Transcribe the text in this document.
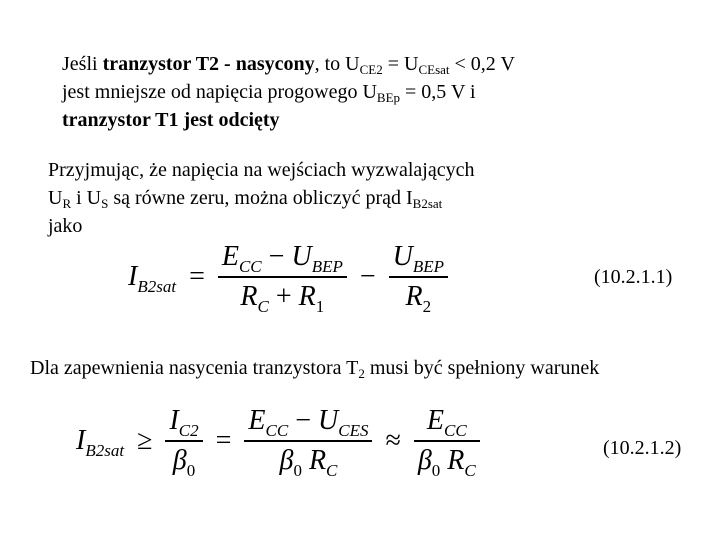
Jeśli tranzystor T2 - nasycony, to $U_{CE2} = U_{CEsat} < 0,2$ V
jest mniejsze od napięcia progowego $U_{BEp} = 0,5$ V i
tranzystor T1 jest odcięty
Przyjmując, że napięcia na wejściach wyzwalających
$U_R$ i $U_S$ są równe zeru, można obliczyć prąd $I_{B2sat}$
jako
$I_{B2sat} = \frac{E_{CC} - U_{BEP}}{R_C + R_1} - \frac{U_{BEP}}{R_2}$	(10.2.1.1)
Dla zapewnienia nasycenia tranzystora $T_2$ musi być spełniony warunek
$I_{B2sat} \ge \frac{I_{C2}}{\beta_0} = \frac{E_{CC} - U_{CES}}{\beta_0 R_C} \approx \frac{E_{CC}}{\beta_0 R_C}$	(10.2.1.2)
